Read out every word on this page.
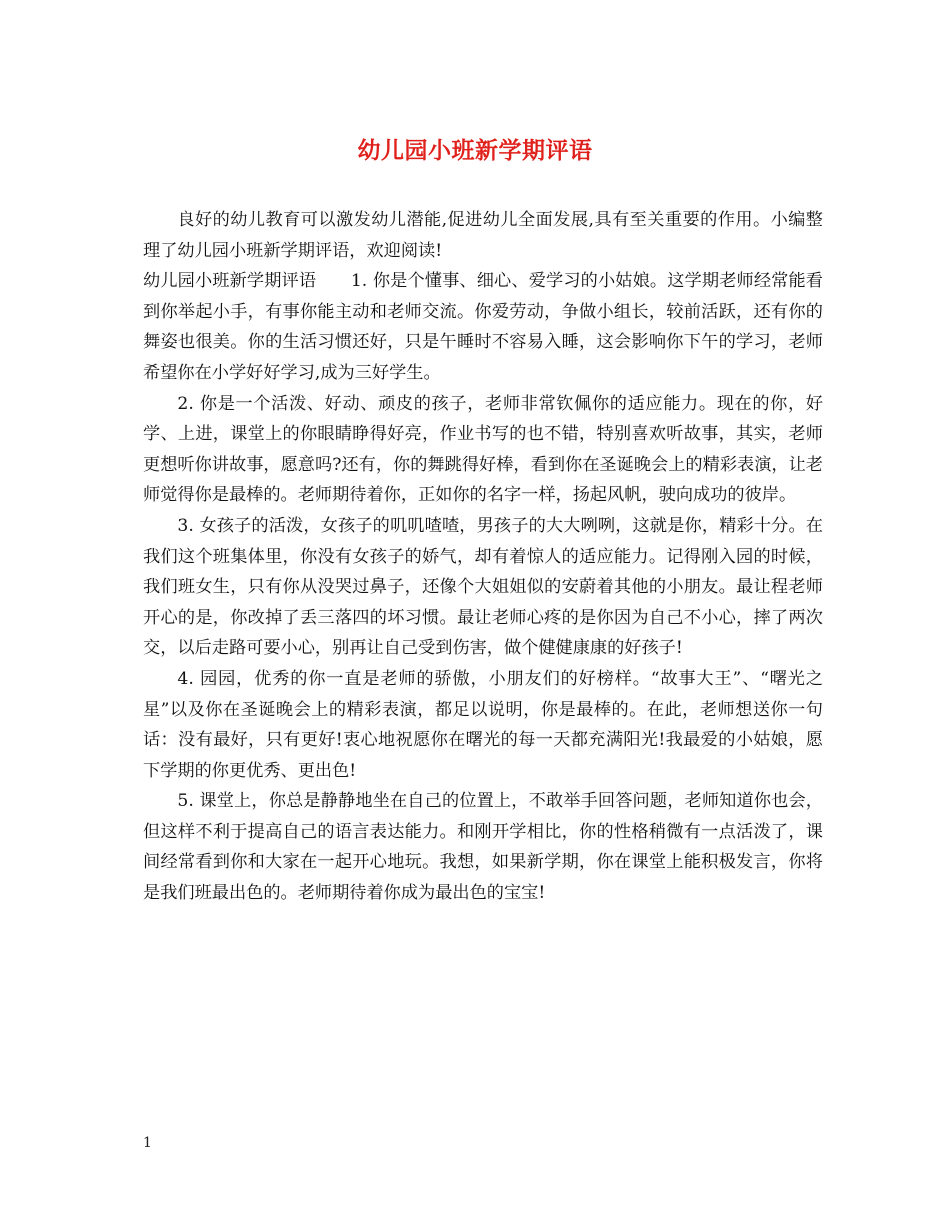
幼儿园小班新学期评语

良好的幼儿教育可以激发幼儿潜能,促进幼儿全面发展,具有至关重要的作用。小编整理了幼儿园小班新学期评语，欢迎阅读!

幼儿园小班新学期评语　　1. 你是个懂事、细心、爱学习的小姑娘。这学期老师经常能看到你举起小手，有事你能主动和老师交流。你爱劳动，争做小组长，较前活跃，还有你的舞姿也很美。你的生活习惯还好，只是午睡时不容易入睡，这会影响你下午的学习，老师希望你在小学好好学习,成为三好学生。

2. 你是一个活泼、好动、顽皮的孩子，老师非常钦佩你的适应能力。现在的你，好学、上进，课堂上的你眼睛睁得好亮，作业书写的也不错，特别喜欢听故事，其实，老师更想听你讲故事，愿意吗?还有，你的舞跳得好棒，看到你在圣诞晚会上的精彩表演，让老师觉得你是最棒的。老师期待着你，正如你的名字一样，扬起风帆，驶向成功的彼岸。

3. 女孩子的活泼，女孩子的叽叽喳喳，男孩子的大大咧咧，这就是你，精彩十分。在我们这个班集体里，你没有女孩子的娇气，却有着惊人的适应能力。记得刚入园的时候，我们班女生，只有你从没哭过鼻子，还像个大姐姐似的安蔚着其他的小朋友。最让程老师开心的是，你改掉了丢三落四的坏习惯。最让老师心疼的是你因为自己不小心，摔了两次交，以后走路可要小心，别再让自己受到伤害，做个健健康康的好孩子!

4. 园园，优秀的你一直是老师的骄傲，小朋友们的好榜样。“故事大王”、“曙光之星”以及你在圣诞晚会上的精彩表演，都足以说明，你是最棒的。在此，老师想送你一句话：没有最好，只有更好!衷心地祝愿你在曙光的每一天都充满阳光!我最爱的小姑娘，愿下学期的你更优秀、更出色!

5. 课堂上，你总是静静地坐在自己的位置上，不敢举手回答问题，老师知道你也会，但这样不利于提高自己的语言表达能力。和刚开学相比，你的性格稍微有一点活泼了，课间经常看到你和大家在一起开心地玩。我想，如果新学期，你在课堂上能积极发言，你将是我们班最出色的。老师期待着你成为最出色的宝宝!

1
